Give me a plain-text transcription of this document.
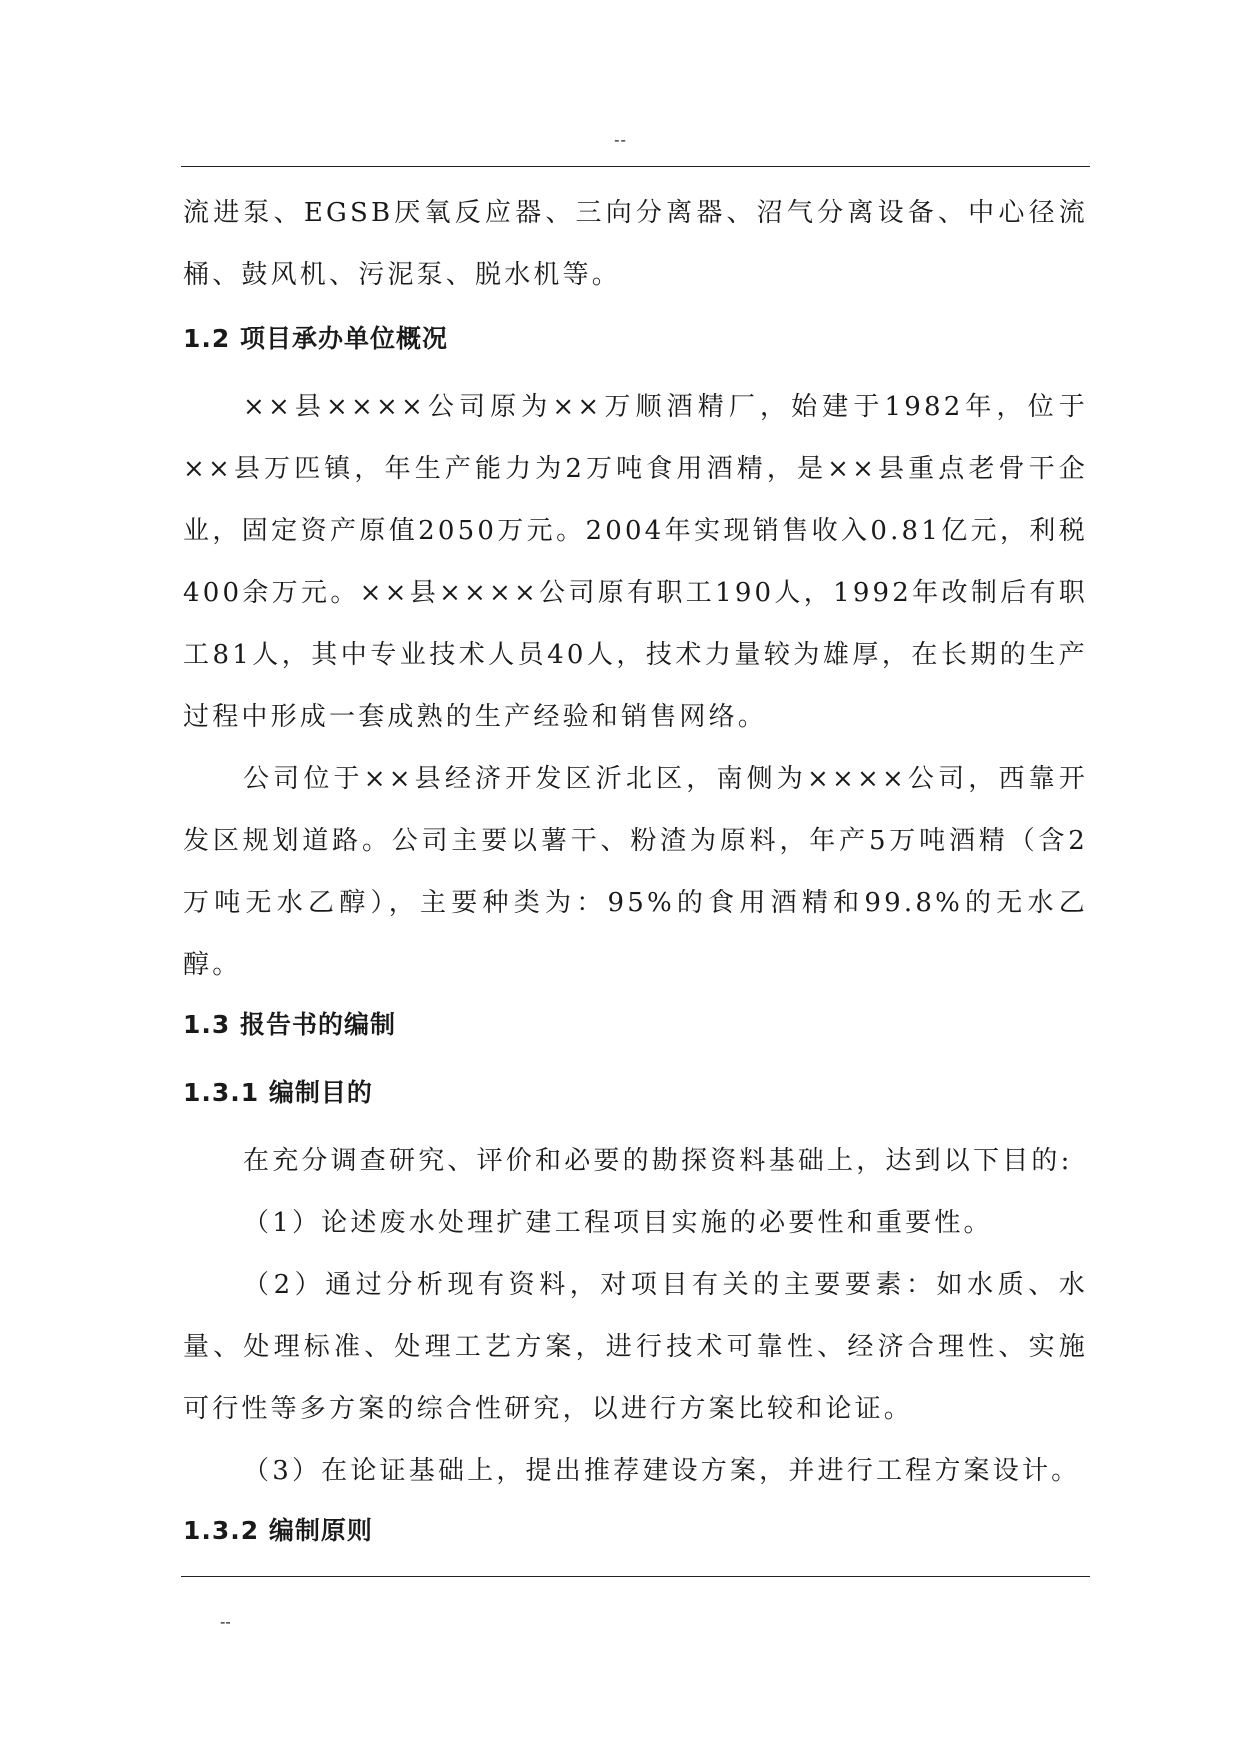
--

流进泵、EGSB厌氧反应器、三向分离器、沼气分离设备、中心径流桶、鼓风机、污泥泵、脱水机等。

1.2 项目承办单位概况

××县××××公司原为××万顺酒精厂，始建于1982年，位于××县万匹镇，年生产能力为2万吨食用酒精，是××县重点老骨干企业，固定资产原值2050万元。2004年实现销售收入0.81亿元，利税400余万元。××县××××公司原有职工190人，1992年改制后有职工81人，其中专业技术人员40人，技术力量较为雄厚，在长期的生产过程中形成一套成熟的生产经验和销售网络。

公司位于××县经济开发区沂北区，南侧为××××公司，西靠开发区规划道路。公司主要以薯干、粉渣为原料，年产5万吨酒精（含2万吨无水乙醇），主要种类为：95%的食用酒精和99.8%的无水乙醇。

1.3 报告书的编制
1.3.1 编制目的

在充分调查研究、评价和必要的勘探资料基础上，达到以下目的:

（1）论述废水处理扩建工程项目实施的必要性和重要性。

（2）通过分析现有资料，对项目有关的主要要素：如水质、水量、处理标准、处理工艺方案，进行技术可靠性、经济合理性、实施可行性等多方案的综合性研究，以进行方案比较和论证。

（3）在论证基础上，提出推荐建设方案，并进行工程方案设计。

1.3.2 编制原则
--
